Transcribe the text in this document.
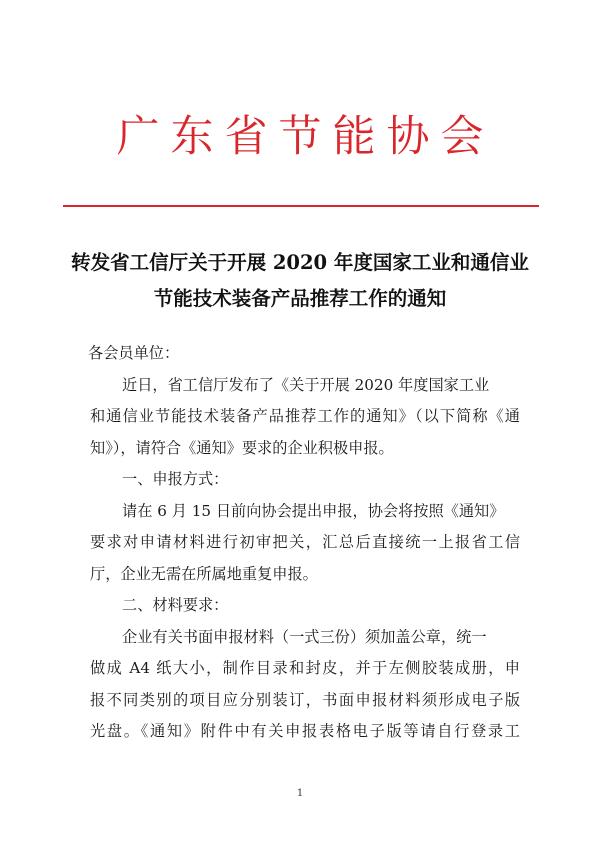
广东省节能协会
转发省工信厅关于开展 2020 年度国家工业和通信业
节能技术装备产品推荐工作的通知
各会员单位：
近日，省工信厅发布了《关于开展 2020 年度国家工业
和通信业节能技术装备产品推荐工作的通知》（以下简称《通
知》），请符合《通知》要求的企业积极申报。
一、申报方式：
请在 6 月 15 日前向协会提出申报，协会将按照《通知》
要求对申请材料进行初审把关，汇总后直接统一上报省工信
厅，企业无需在所属地重复申报。
二、材料要求：
企业有关书面申报材料（一式三份）须加盖公章，统一
做成 A4 纸大小，制作目录和封皮，并于左侧胶装成册，申
报不同类别的项目应分别装订，书面申报材料须形成电子版
光盘。《通知》附件中有关申报表格电子版等请自行登录工
1
